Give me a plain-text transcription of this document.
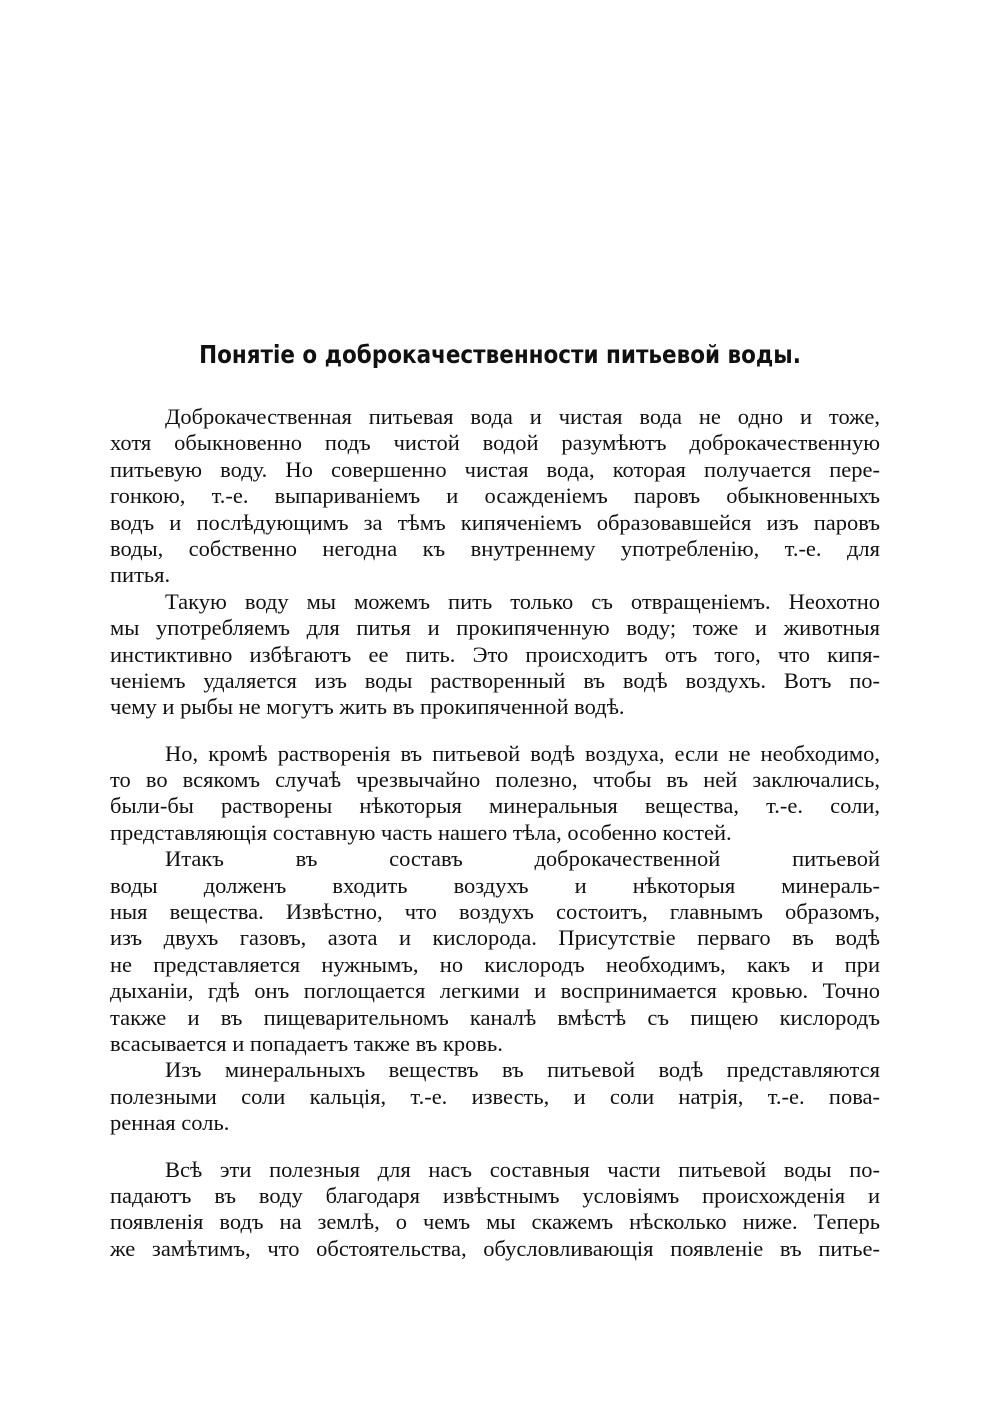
Понятіе о доброкачественности питьевой воды.
Доброкачественная питьевая вода и чистая вода не одно и тоже,
хотя обыкновенно подъ чистой водой разумѣютъ доброкачественную
питьевую воду. Но совершенно чистая вода, которая получается пере-
гонкою, т.-е. выпариваніемъ и осажденіемъ паровъ обыкновенныхъ
водъ и послѣдующимъ за тѣмъ кипяченіемъ образовавшейся изъ паровъ
воды, собственно негодна къ внутреннему употребленію, т.-е. для
питья.
Такую воду мы можемъ пить только съ отвращеніемъ. Неохотно
мы употребляемъ для питья и прокипяченную воду; тоже и животныя
инстиктивно избѣгаютъ ее пить. Это происходитъ отъ того, что кипя-
ченіемъ удаляется изъ воды растворенный въ водѣ воздухъ. Вотъ по-
чему и рыбы не могутъ жить въ прокипяченной водѣ.
Но, кромѣ растворенія въ питьевой водѣ воздуха, если не необходимо,
то во всякомъ случаѣ чрезвычайно полезно, чтобы въ ней заключались,
были-бы растворены нѣкоторыя минеральныя вещества, т.-е. соли,
представляющія составную часть нашего тѣла, особенно костей.
Итакъ въ составъ доброкачественной питьевой
воды долженъ входить воздухъ и нѣкоторыя минераль-
ныя вещества. Извѣстно, что воздухъ состоитъ, главнымъ образомъ,
изъ двухъ газовъ, азота и кислорода. Присутствіе перваго въ водѣ
не представляется нужнымъ, но кислородъ необходимъ, какъ и при
дыханіи, гдѣ онъ поглощается легкими и воспринимается кровью. Точно
также и въ пищеварительномъ каналѣ вмѣстѣ съ пищею кислородъ
всасывается и попадаетъ также въ кровь.
Изъ минеральныхъ веществъ въ питьевой водѣ представляются
полезными соли кальція, т.-е. известь, и соли натрія, т.-е. пова-
ренная соль.
Всѣ эти полезныя для насъ составныя части питьевой воды по-
падаютъ въ воду благодаря извѣстнымъ условіямъ происхожденія и
появленія водъ на землѣ, о чемъ мы скажемъ нѣсколько ниже. Теперь
же замѣтимъ, что обстоятельства, обусловливающія появленіе въ питье-
